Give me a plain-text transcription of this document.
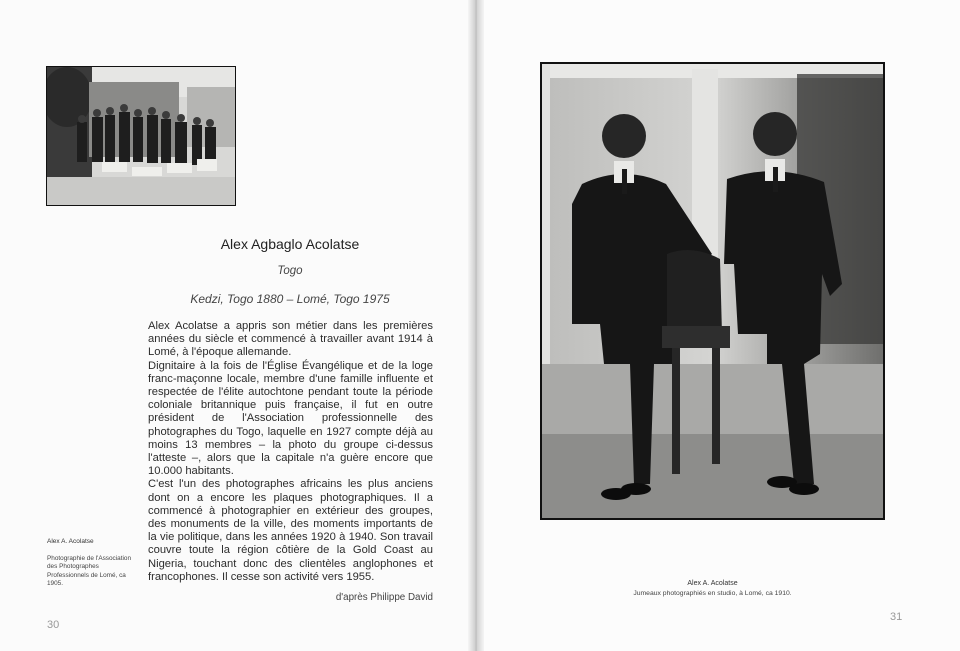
Alex Agbaglo Acolatse
Togo
Kedzi, Togo 1880 – Lomé, Togo 1975

Alex Acolatse a appris son métier dans les premières années du siècle et commencé à travailler avant 1914 à Lomé, à l'époque allemande.

Dignitaire à la fois de l'Église Évangélique et de la loge franc-maçonne locale, membre d'une famille influente et respectée de l'élite autochtone pendant toute la période coloniale britannique puis française, il fut en outre président de l'Association professionnelle des photographes du Togo, laquelle en 1927 compte déjà au moins 13 membres – la photo du groupe ci-dessus l'atteste –, alors que la capitale n'a guère encore que 10.000 habitants.

C'est l'un des photographes africains les plus anciens dont on a encore les plaques photographiques. Il a commencé à photographier en extérieur des groupes, des monuments de la ville, des moments importants de la vie politique, dans les années 1920 à 1940. Son travail couvre toute la région côtière de la Gold Coast au Nigeria, touchant donc des clientèles anglophones et francophones. Il cesse son activité vers 1955.

d'après Philippe David
Alex A. Acolatse
Photographie de l'Association des Photographes Professionnels de Lomé, ca 1905.
30
Alex A. Acolatse
Jumeaux photographiés en studio, à Lomé, ca 1910.
31
